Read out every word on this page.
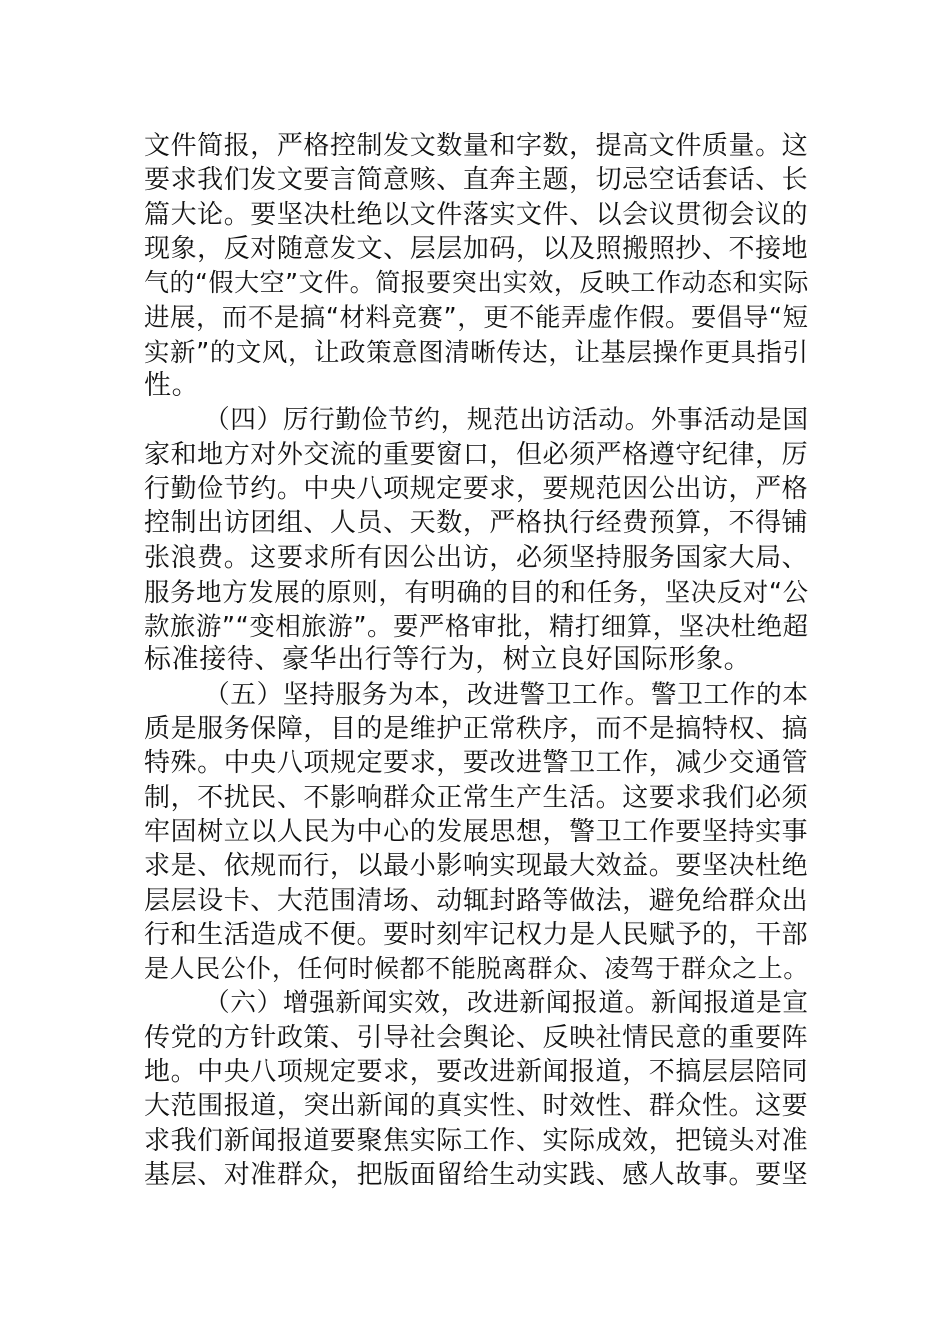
文件简报，严格控制发文数量和字数，提高文件质量。这
要求我们发文要言简意赅、直奔主题，切忌空话套话、长
篇大论。要坚决杜绝以文件落实文件、以会议贯彻会议的
现象，反对随意发文、层层加码，以及照搬照抄、不接地
气的“假大空”文件。简报要突出实效，反映工作动态和实际
进展，而不是搞“材料竞赛”，更不能弄虚作假。要倡导“短
实新”的文风，让政策意图清晰传达，让基层操作更具指引
性。
（四）厉行勤俭节约，规范出访活动。外事活动是国
家和地方对外交流的重要窗口，但必须严格遵守纪律，厉
行勤俭节约。中央八项规定要求，要规范因公出访，严格
控制出访团组、人员、天数，严格执行经费预算，不得铺
张浪费。这要求所有因公出访，必须坚持服务国家大局、
服务地方发展的原则，有明确的目的和任务，坚决反对“公
款旅游”“变相旅游”。要严格审批，精打细算，坚决杜绝超
标准接待、豪华出行等行为，树立良好国际形象。
（五）坚持服务为本，改进警卫工作。警卫工作的本
质是服务保障，目的是维护正常秩序，而不是搞特权、搞
特殊。中央八项规定要求，要改进警卫工作，减少交通管
制，不扰民、不影响群众正常生产生活。这要求我们必须
牢固树立以人民为中心的发展思想，警卫工作要坚持实事
求是、依规而行，以最小影响实现最大效益。要坚决杜绝
层层设卡、大范围清场、动辄封路等做法，避免给群众出
行和生活造成不便。要时刻牢记权力是人民赋予的，干部
是人民公仆，任何时候都不能脱离群众、凌驾于群众之上。
（六）增强新闻实效，改进新闻报道。新闻报道是宣
传党的方针政策、引导社会舆论、反映社情民意的重要阵
地。中央八项规定要求，要改进新闻报道，不搞层层陪同
大范围报道，突出新闻的真实性、时效性、群众性。这要
求我们新闻报道要聚焦实际工作、实际成效，把镜头对准
基层、对准群众，把版面留给生动实践、感人故事。要坚
